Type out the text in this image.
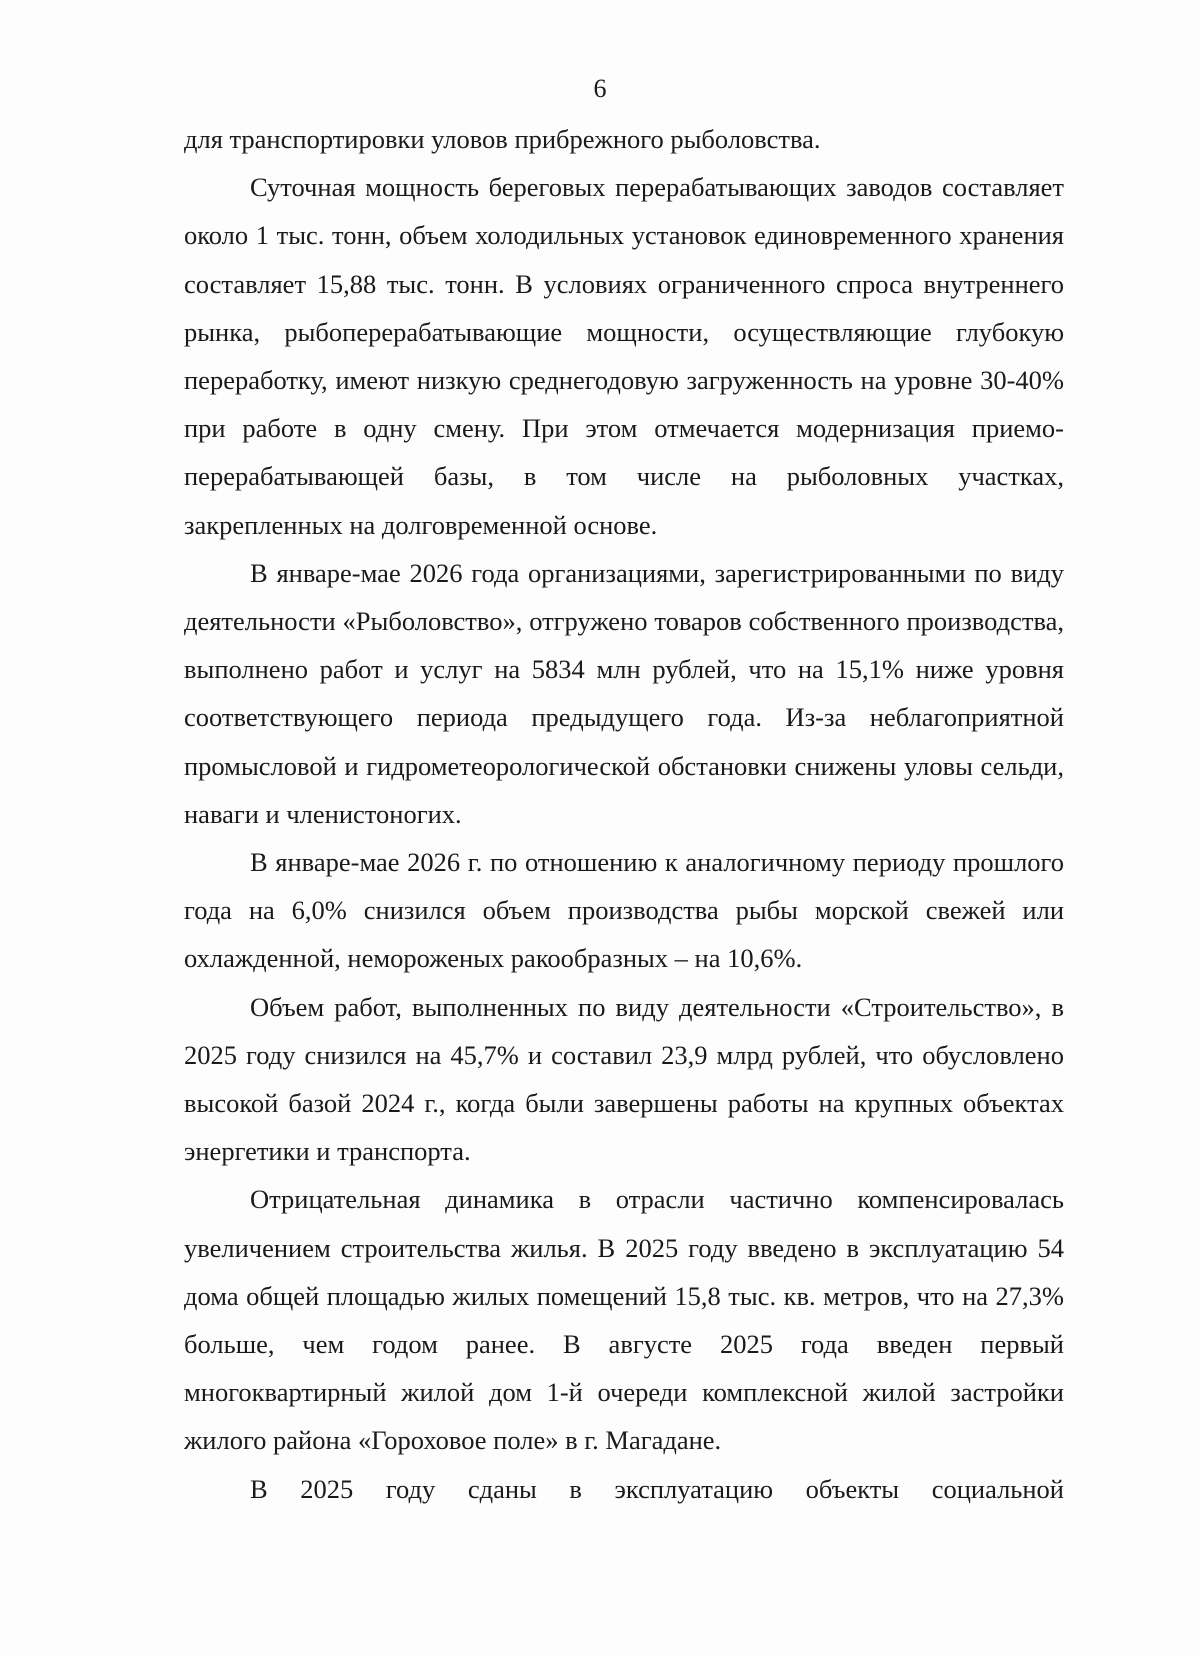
6

для транспортировки уловов прибрежного рыболовства.

Суточная мощность береговых перерабатывающих заводов составляет около 1 тыс. тонн, объем холодильных установок единовременного хранения составляет 15,88 тыс. тонн. В условиях ограниченного спроса внутреннего рынка, рыбоперерабатывающие мощности, осуществляющие глубокую переработку, имеют низкую среднегодовую загруженность на уровне 30-40% при работе в одну смену. При этом отмечается модернизация приемо-перерабатывающей базы, в том числе на рыболовных участках, закрепленных на долговременной основе.

В январе-мае 2026 года организациями, зарегистрированными по виду деятельности «Рыболовство», отгружено товаров собственного производства, выполнено работ и услуг на 5834 млн рублей, что на 15,1% ниже уровня соответствующего периода предыдущего года. Из-за неблагоприятной промысловой и гидрометеорологической обстановки снижены уловы сельди, наваги и членистоногих.

В январе-мае 2026 г. по отношению к аналогичному периоду прошлого года на 6,0% снизился объем производства рыбы морской свежей или охлажденной, немороженых ракообразных – на 10,6%.

Объем работ, выполненных по виду деятельности «Строительство», в 2025 году снизился на 45,7% и составил 23,9 млрд рублей, что обусловлено высокой базой 2024 г., когда были завершены работы на крупных объектах энергетики и транспорта.

Отрицательная динамика в отрасли частично компенсировалась увеличением строительства жилья. В 2025 году введено в эксплуатацию 54 дома общей площадью жилых помещений 15,8 тыс. кв. метров, что на 27,3% больше, чем годом ранее. В августе 2025 года введен первый многоквартирный жилой дом 1-й очереди комплексной жилой застройки жилого района «Гороховое поле» в г. Магадане.

В 2025 году сданы в эксплуатацию объекты социальной
